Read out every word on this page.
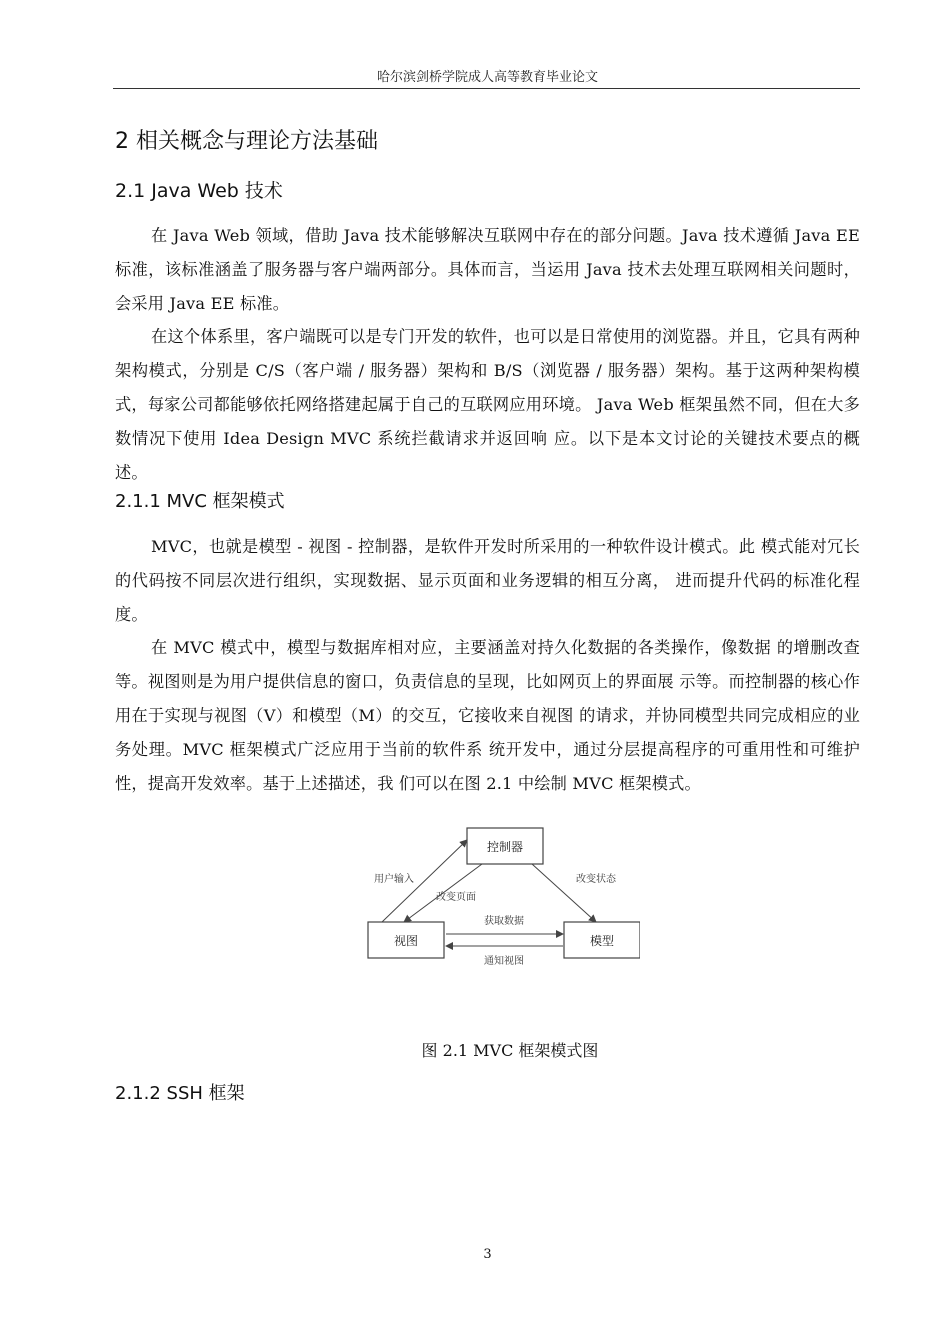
哈尔滨剑桥学院成人高等教育毕业论文
2 相关概念与理论方法基础
2.1 Java Web 技术
在 Java Web 领域，借助 Java 技术能够解决互联网中存在的部分问题。Java 技术遵循 Java EE 标准，该标准涵盖了服务器与客户端两部分。具体而言，当运用 Java 技术去处理互联网相关问题时，会采用 Java EE 标准。
在这个体系里，客户端既可以是专门开发的软件，也可以是日常使用的浏览器。并且，它具有两种架构模式，分别是 C/S（客户端 / 服务器）架构和 B/S（浏览器 / 服务器）架构。基于这两种架构模式，每家公司都能够依托网络搭建起属于自己的互联网应用环境。 Java Web 框架虽然不同，但在大多数情况下使用 Idea Design MVC 系统拦截请求并返回响 应。以下是本文讨论的关键技术要点的概述。
2.1.1 MVC 框架模式
MVC，也就是模型 - 视图 - 控制器，是软件开发时所采用的一种软件设计模式。此 模式能对冗长的代码按不同层次进行组织，实现数据、显示页面和业务逻辑的相互分离， 进而提升代码的标准化程度。
在 MVC 模式中，模型与数据库相对应，主要涵盖对持久化数据的各类操作，像数据 的增删改查等。视图则是为用户提供信息的窗口，负责信息的呈现，比如网页上的界面展 示等。而控制器的核心作用在于实现与视图（V）和模型（M）的交互，它接收来自视图 的请求，并协同模型共同完成相应的业务处理。MVC 框架模式广泛应用于当前的软件系 统开发中，通过分层提高程序的可重用性和可维护性，提高开发效率。基于上述描述，我 们可以在图 2.1 中绘制 MVC 框架模式。
控制器
视图	模型
用户输入
改变页面
改变状态
获取数据
通知视图
图 2.1 MVC 框架模式图
2.1.2 SSH 框架
3
